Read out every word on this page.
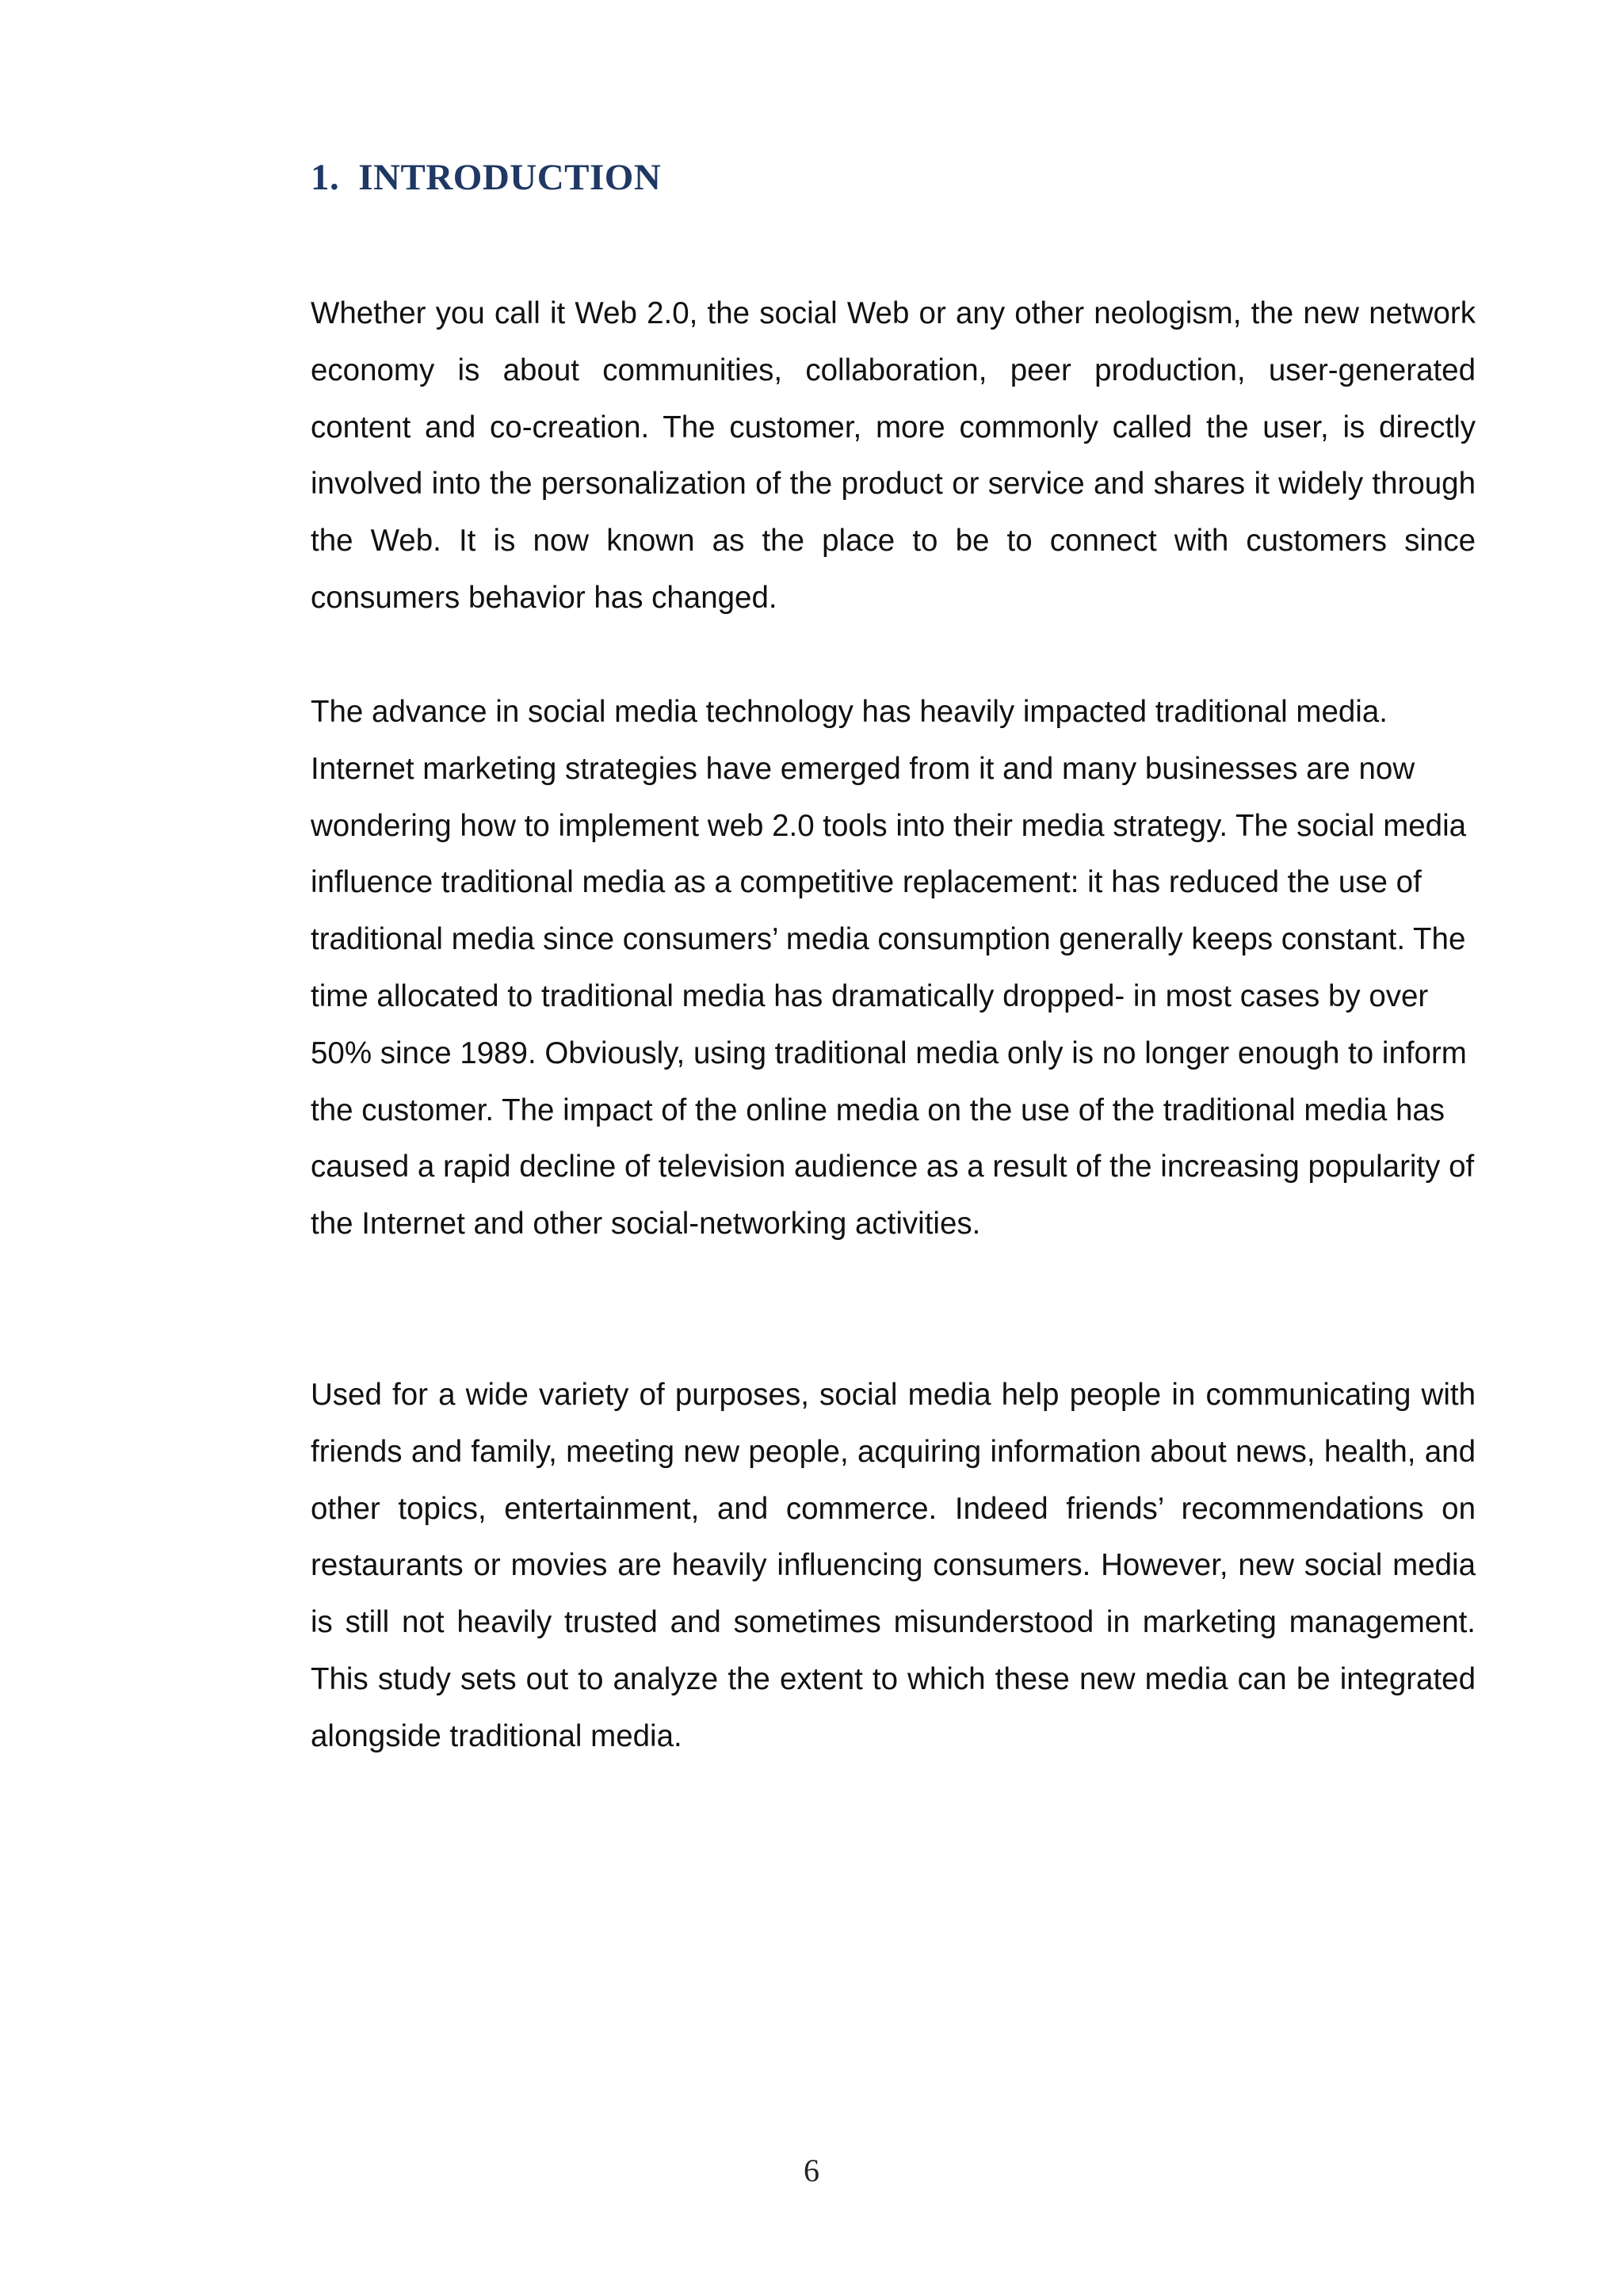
1. INTRODUCTION

Whether you call it Web 2.0, the social Web or any other neologism, the new network economy is about communities, collaboration, peer production, user-generated content and co-creation. The customer, more commonly called the user, is directly involved into the personalization of the product or service and shares it widely through the Web. It is now known as the place to be to connect with customers since consumers behavior has changed.

The advance in social media technology has heavily impacted traditional media. Internet marketing strategies have emerged from it and many businesses are now wondering how to implement web 2.0 tools into their media strategy. The social media influence traditional media as a competitive replacement: it has reduced the use of traditional media since consumers’ media consumption generally keeps constant. The time allocated to traditional media has dramatically dropped- in most cases by over 50% since 1989. Obviously, using traditional media only is no longer enough to inform the customer. The impact of the online media on the use of the traditional media has caused a rapid decline of television audience as a result of the increasing popularity of the Internet and other social-networking activities.

Used for a wide variety of purposes, social media help people in communicating with friends and family, meeting new people, acquiring information about news, health, and other topics, entertainment, and commerce. Indeed friends’ recommendations on restaurants or movies are heavily influencing consumers. However, new social media is still not heavily trusted and sometimes misunderstood in marketing management. This study sets out to analyze the extent to which these new media can be integrated alongside traditional media.

6
